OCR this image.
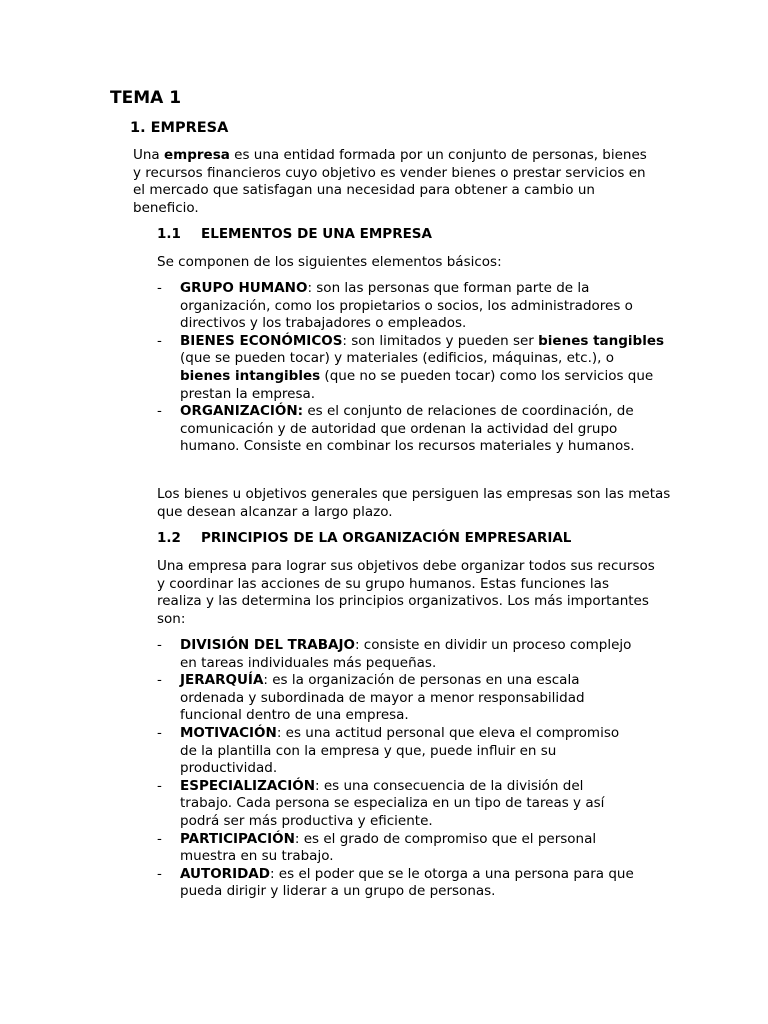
TEMA 1
1. EMPRESA

Una empresa es una entidad formada por un conjunto de personas, bienes y recursos financieros cuyo objetivo es vender bienes o prestar servicios en el mercado que satisfagan una necesidad para obtener a cambio un beneficio.

1.1 ELEMENTOS DE UNA EMPRESA

Se componen de los siguientes elementos básicos:

- GRUPO HUMANO: son las personas que forman parte de la organización, como los propietarios o socios, los administradores o directivos y los trabajadores o empleados.
- BIENES ECONÓMICOS: son limitados y pueden ser bienes tangibles (que se pueden tocar) y materiales (edificios, máquinas, etc.), o bienes intangibles (que no se pueden tocar) como los servicios que prestan la empresa.
- ORGANIZACIÓN: es el conjunto de relaciones de coordinación, de comunicación y de autoridad que ordenan la actividad del grupo humano. Consiste en combinar los recursos materiales y humanos.

Los bienes u objetivos generales que persiguen las empresas son las metas que desean alcanzar a largo plazo.

1.2 PRINCIPIOS DE LA ORGANIZACIÓN EMPRESARIAL

Una empresa para lograr sus objetivos debe organizar todos sus recursos y coordinar las acciones de su grupo humanos. Estas funciones las realiza y las determina los principios organizativos. Los más importantes son:

- DIVISIÓN DEL TRABAJO: consiste en dividir un proceso complejo en tareas individuales más pequeñas.
- JERARQUÍA: es la organización de personas en una escala ordenada y subordinada de mayor a menor responsabilidad funcional dentro de una empresa.
- MOTIVACIÓN: es una actitud personal que eleva el compromiso de la plantilla con la empresa y que, puede influir en su productividad.
- ESPECIALIZACIÓN: es una consecuencia de la división del trabajo. Cada persona se especializa en un tipo de tareas y así podrá ser más productiva y eficiente.
- PARTICIPACIÓN: es el grado de compromiso que el personal muestra en su trabajo.
- AUTORIDAD: es el poder que se le otorga a una persona para que pueda dirigir y liderar a un grupo de personas.
